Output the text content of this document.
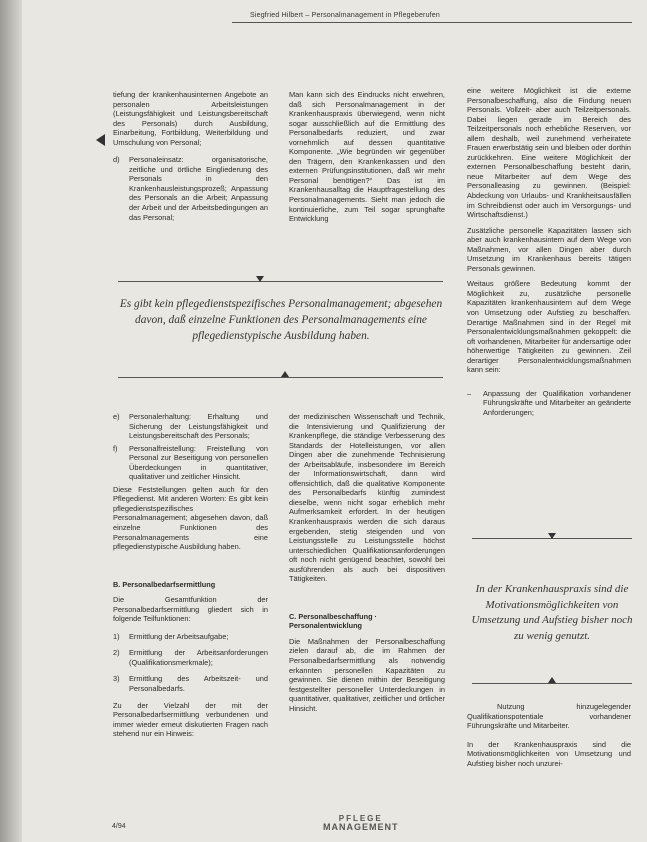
Siegfried Hilbert – Personalmanagement in Pflegeberufen

tiefung der krankenhausinternen Angebote an personalen Arbeitsleistungen (Leistungsfähigkeit und Leistungsbereitschaft des Personals) durch Ausbildung, Einarbeitung, Fortbildung, Weiterbildung und Umschulung von Personal;

d)	Personaleinsatz: organisatorische, zeitliche und örtliche Eingliederung des Personals in den Krankenhausleistungsprozeß; Anpassung des Personals an die Arbeit; Anpassung der Arbeit und der Arbeitsbedingungen an das Personal;

Man kann sich des Eindrucks nicht erwehren, daß sich Personalmanagement in der Krankenhauspraxis überwiegend, wenn nicht sogar ausschließlich auf die Ermittlung des Personalbedarfs reduziert, und zwar vornehmlich auf dessen quantitative Komponente. „Wie begründen wir gegenüber den Trägern, den Krankenkassen und den externen Prüfungsinstitutionen, daß wir mehr Personal benötigen?“ Das ist im Krankenhausalltag die Hauptfragestellung des Personalmanagements. Sieht man jedoch die kontinuierliche, zum Teil sogar sprunghafte Entwicklung

eine weitere Möglichkeit ist die externe Personalbeschaffung, also die Findung neuen Personals. Vollzeit- aber auch Teilzeitpersonals. Dabei liegen gerade im Bereich des Teilzeitpersonals noch erhebliche Reserven, vor allem deshalb, weil zunehmend verheiratete Frauen erwerbstätig sein und bleiben oder dorthin zurückkehren. Eine weitere Möglichkeit der externen Personalbeschaffung besteht darin, neue Mitarbeiter auf dem Wege des Personalleasing zu gewinnen. (Beispiel: Abdeckung von Urlaubs- und Krankheitsausfällen im Schreibdienst oder auch im Versorgungs- und Wirtschaftsdienst.)

Zusätzliche personelle Kapazitäten lassen sich aber auch krankenhausintern auf dem Wege von Maßnahmen, vor allen Dingen aber durch Umsetzung im Krankenhaus bereits tätigen Personals gewinnen.

Weitaus größere Bedeutung kommt der Möglichkeit zu, zusätzliche personelle Kapazitäten krankenhausintern auf dem Wege von Umsetzung oder Aufstieg zu beschaffen. Derartige Maßnahmen sind in der Regel mit Personalentwicklungsmaßnahmen gekoppelt: die oft vorhandenen, Mitarbeiter für andersartige oder höherwertige Tätigkeiten zu gewinnen. Zeil derartiger Personalentwicklungsmaßnahmen kann sein:

–	Anpassung der Qualifikation vorhandener Führungskräfte und Mitarbeiter an geänderte Anforderungen;
Es gibt kein pflegedienstspezifisches Personalmanagement; abgesehen davon, daß einzelne Funktionen des Personalmanagements eine pflegedienstypische Ausbildung haben.
e)	Personalerhaltung: Erhaltung und Sicherung der Leistungsfähigkeit und Leistungsbereitschaft des Personals;
f)	Personalfreistellung: Freistellung von Personal zur Beseitigung von personellen Überdeckungen in quantitativer, qualitativer und zeitlicher Hinsicht.

Diese Feststellungen gelten auch für den Pflegedienst. Mit anderen Worten: Es gibt kein pflegedienstspezifisches Personalmanagement; abgesehen davon, daß einzelne Funktionen des Personalmanagements eine pflegedienstypische Ausbildung haben.

B. Personalbedarfsermittlung

Die Gesamtfunktion der Personalbedarfsermittlung gliedert sich in folgende Teilfunktionen:

1)	Ermittlung der Arbeitsaufgabe;
2)	Ermittlung der Arbeitsanforderungen (Qualifikationsmerkmale);
3)	Ermittlung des Arbeitszeit- und Personalbedarfs.

Zu der Vielzahl der mit der Personalbedarfsermittlung verbundenen und immer wieder erneut diskutierten Fragen nach stehend nur ein Hinweis:

der medizinischen Wissenschaft und Technik, die Intensivierung und Qualifizierung der Krankenpflege, die ständige Verbesserung des Standards der Hotelleistungen, vor allen Dingen aber die zunehmende Technisierung der Arbeitsabläufe, insbesondere im Bereich der Informationswirtschaft, dann wird offensichtlich, daß die qualitative Komponente des Personalbedarfs künftig zumindest dieselbe, wenn nicht sogar erheblich mehr Aufmerksamkeit erfordert. In der heutigen Krankenhauspraxis werden die sich daraus ergebenden, stetig steigenden und von Leistungsstelle zu Leistungsstelle höchst unterschiedlichen Qualifikationsanforderungen oft noch nicht genügend beachtet, sowohl bei ausführenden als auch bei dispositiven Tätigkeiten.

C. Personalbeschaffung · Personalentwicklung

Die Maßnahmen der Personalbeschaffung zielen darauf ab, die im Rahmen der Personalbedarfsermittlung als notwendig erkannten personellen Kapazitäten zu gewinnen. Sie dienen mithin der Beseitigung festgestellter personeller Unterdeckungen in quantitativer, qualitativer, zeitlicher und örtlicher Hinsicht.

In der Krankenhauspraxis sind die Motivationsmöglichkeiten von Umsetzung und Aufstieg bisher noch zu wenig genutzt.

Nutzung hinzugelegender Qualifikationspotentiale vorhandener Führungskräfte und Mitarbeiter.

In der Krankenhauspraxis sind die Motivationsmöglichkeiten von Umsetzung und Aufstieg bisher noch unzurei-

4/94
PFLEGE
MANAGEMENT
